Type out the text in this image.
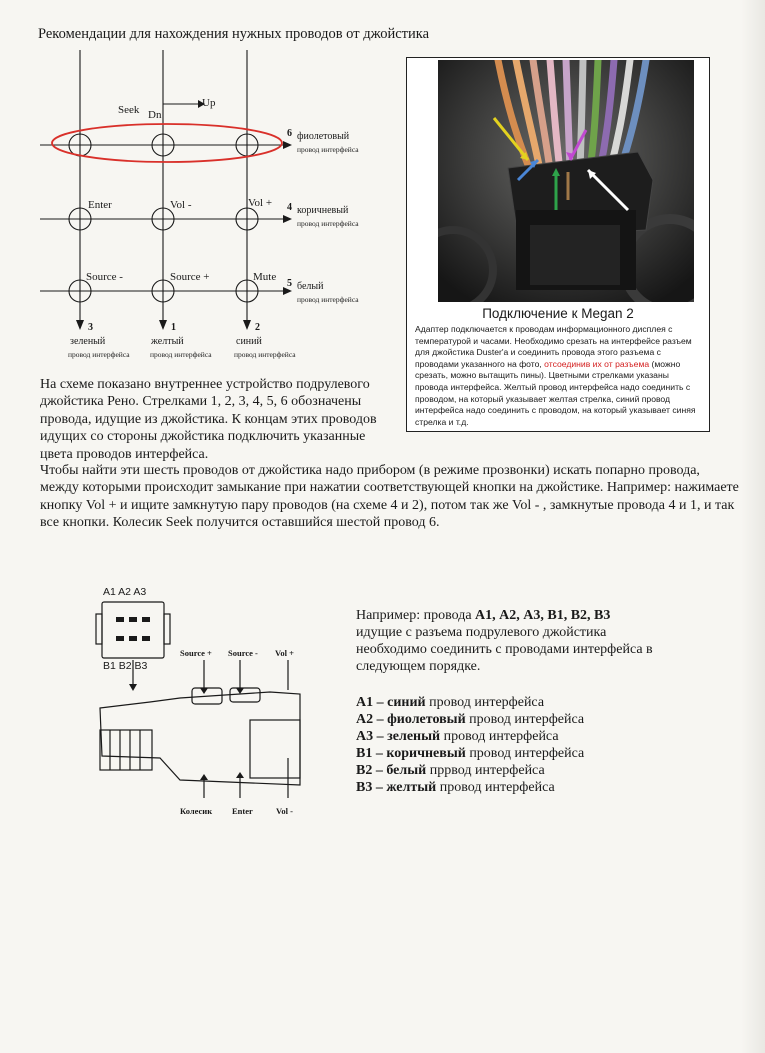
Рекомендации для нахождения нужных проводов от джойстика
Up
Seek Dn
Enter	Vol -	Vol +
Source -	Source +	Mute
6 фиолетовый
провод интерфейса
4 коричневый
провод интерфейса
5 белый
провод интерфейса
3
зеленый
провод интерфейса
1
желтый
провод интерфейса
2
синий
провод интерфейса
Подключение к Megan 2
Адаптер подключается к проводам информационного дисплея с температурой и часами. Необходимо срезать на интерфейсе разъем для джойстика Duster'а и соединить провода этого разъема с проводами указанного на фото, отсоединив их от разъема (можно срезать, можно вытащить пины). Цветными стрелками указаны провода интерфейса. Желтый провод интерфейса надо соединить с проводом, на который указывает желтая стрелка, синий провод интерфейса надо соединить с проводом, на который указывает синяя стрелка и т.д.
На схеме показано внутреннее устройство подрулевого джойстика Рено. Стрелками 1, 2, 3, 4, 5, 6 обозначены провода, идущие из джойстика. К концам этих проводов идущих со стороны джойстика подключить указанные цвета проводов интерфейса.
Чтобы найти эти шесть проводов от джойстика надо прибором (в режиме прозвонки) искать попарно провода, между которыми происходит замыкание при нажатии соответствующей кнопки на джойстике. Например: нажимаете кнопку Vol + и ищите замкнутую пару проводов (на схеме 4 и 2), потом так же Vol - , замкнутые провода 4 и 1, и так все кнопки. Колесик Seek получится оставшийся шестой провод 6.
A1 A2 A3
B1 B2 B3
Source + Source - Vol +
Колесик Enter	Vol -
Например: провода А1, А2, А3, В1, В2, В3 идущие с разъема подрулевого джойстика необходимо соединить с проводами интерфейса в следующем порядке.
А1 – синий провод интерфейса
А2 – фиолетовый провод интерфейса
А3 – зеленый провод интерфейса
В1 – коричневый провод интерфейса
В2 – белый пррвод интерфейса
В3 – желтый провод интерфейса
